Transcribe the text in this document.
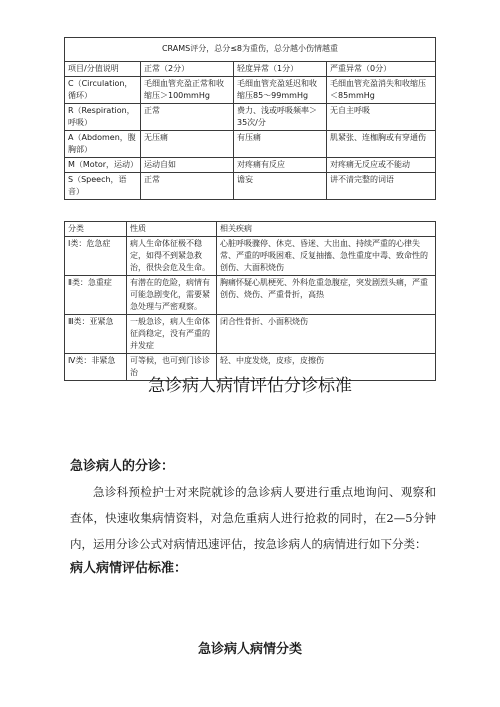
CRAMS评分，总分≤8为重伤，总分越小伤情越重			
项目/分值说明	正常（2分）	轻度异常（1分）	严重异常（0分）
C（Circulation，循环）	毛细血管充盈正常和收缩压＞100mmHg	毛细血管充盈延迟和收缩压85～99mmHg	毛细血管充盈消失和收缩压＜85mmHg
R（Respiration，呼吸）	正常	费力、浅或呼吸频率＞35次/分	无自主呼吸
A（Abdomen，腹胸部）	无压痛	有压痛	肌紧张、连枷胸或有穿通伤
M（Motor，运动）	运动自如	对疼痛有反应	对疼痛无反应或不能动
S（Speech，语音）	正常	谵妄	讲不清完整的词语
分类	性质	相关疾病
Ⅰ类：危急症	病人生命体征极不稳定，如得不到紧急救治，很快会危及生命。	心脏呼吸骤停、休克、昏迷、大出血、持续严重的心律失常、严重的呼吸困难、反复抽搐、急性重度中毒、致命性的创伤、大面积烧伤
Ⅱ类：急重症	有潜在的危险，病情有可能急剧变化，需要紧急处理与严密观察。	胸痛怀疑心肌梗死、外科危重急腹症，突发剧烈头痛，严重创伤、烧伤、严重骨折，高热
Ⅲ类：亚紧急	一般急诊，病人生命体征尚稳定，没有严重的并发症	闭合性骨折、小面积烧伤
Ⅳ类：非紧急	可等候，也可到门诊诊治	轻、中度发烧，皮疹，皮擦伤
急诊病人病情评估分诊标准
急诊病人的分诊：

急诊科预检护士对来院就诊的急诊病人要进行重点地询问、观察和查体，快速收集病情资料，对急危重病人进行抢救的同时，在2—5分钟内，运用分诊公式对病情迅速评估，按急诊病人的病情进行如下分类：

病人病情评估标准：
急诊病人病情分类
